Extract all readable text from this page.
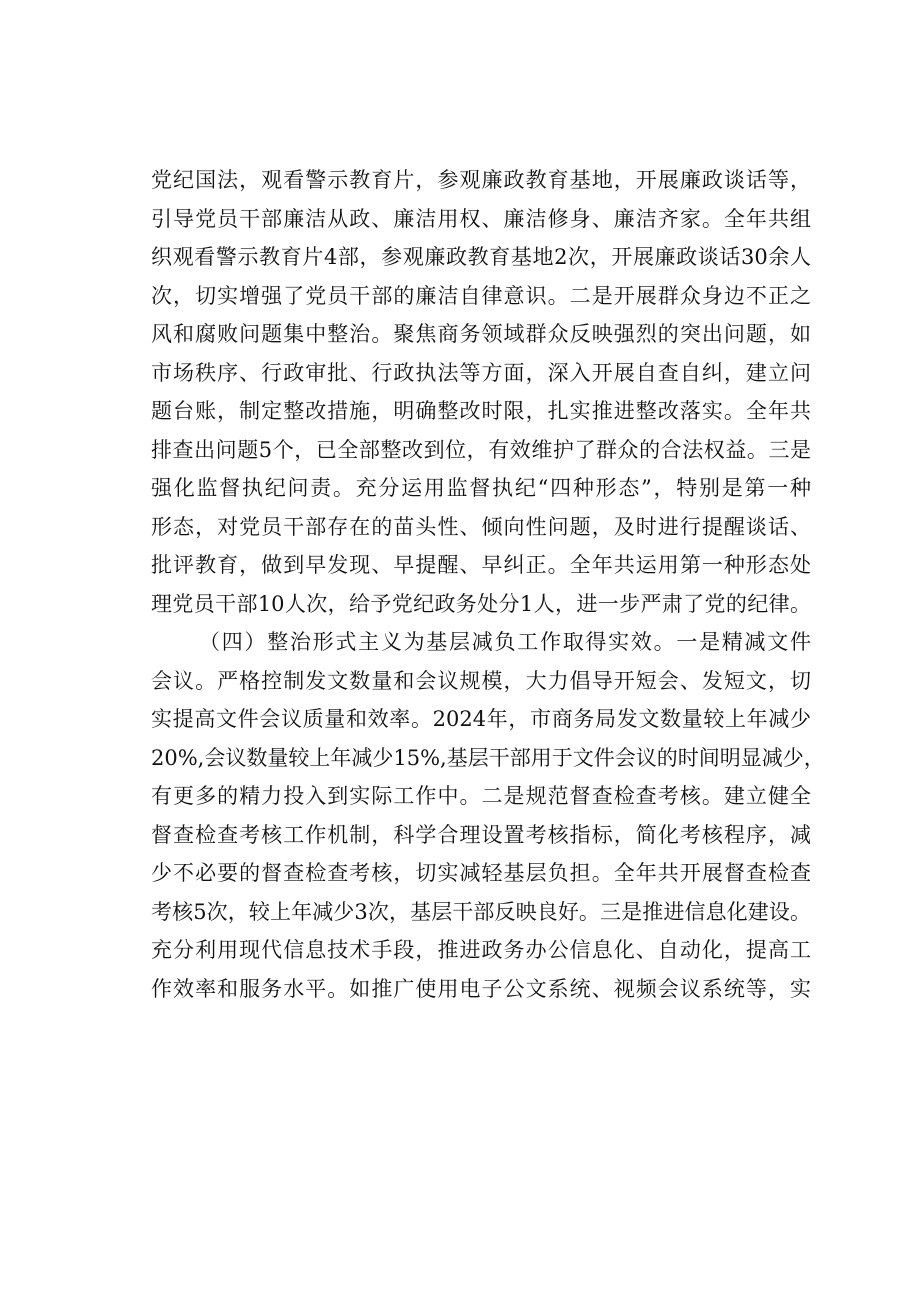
党纪国法，观看警示教育片，参观廉政教育基地，开展廉政谈话等，
引导党员干部廉洁从政、廉洁用权、廉洁修身、廉洁齐家。全年共组
织观看警示教育片4部，参观廉政教育基地2次，开展廉政谈话30余人
次，切实增强了党员干部的廉洁自律意识。二是开展群众身边不正之
风和腐败问题集中整治。聚焦商务领域群众反映强烈的突出问题，如
市场秩序、行政审批、行政执法等方面，深入开展自查自纠，建立问
题台账，制定整改措施，明确整改时限，扎实推进整改落实。全年共
排查出问题5个，已全部整改到位，有效维护了群众的合法权益。三是
强化监督执纪问责。充分运用监督执纪“四种形态”，特别是第一种
形态，对党员干部存在的苗头性、倾向性问题，及时进行提醒谈话、
批评教育，做到早发现、早提醒、早纠正。全年共运用第一种形态处
理党员干部10人次，给予党纪政务处分1人，进一步严肃了党的纪律。
（四）整治形式主义为基层减负工作取得实效。一是精减文件
会议。严格控制发文数量和会议规模，大力倡导开短会、发短文，切
实提高文件会议质量和效率。2024年，市商务局发文数量较上年减少
20%,会议数量较上年减少15%,基层干部用于文件会议的时间明显减少，
有更多的精力投入到实际工作中。二是规范督查检查考核。建立健全
督查检查考核工作机制，科学合理设置考核指标，简化考核程序，减
少不必要的督查检查考核，切实减轻基层负担。全年共开展督查检查
考核5次，较上年减少3次，基层干部反映良好。三是推进信息化建设。
充分利用现代信息技术手段，推进政务办公信息化、自动化，提高工
作效率和服务水平。如推广使用电子公文系统、视频会议系统等，实
